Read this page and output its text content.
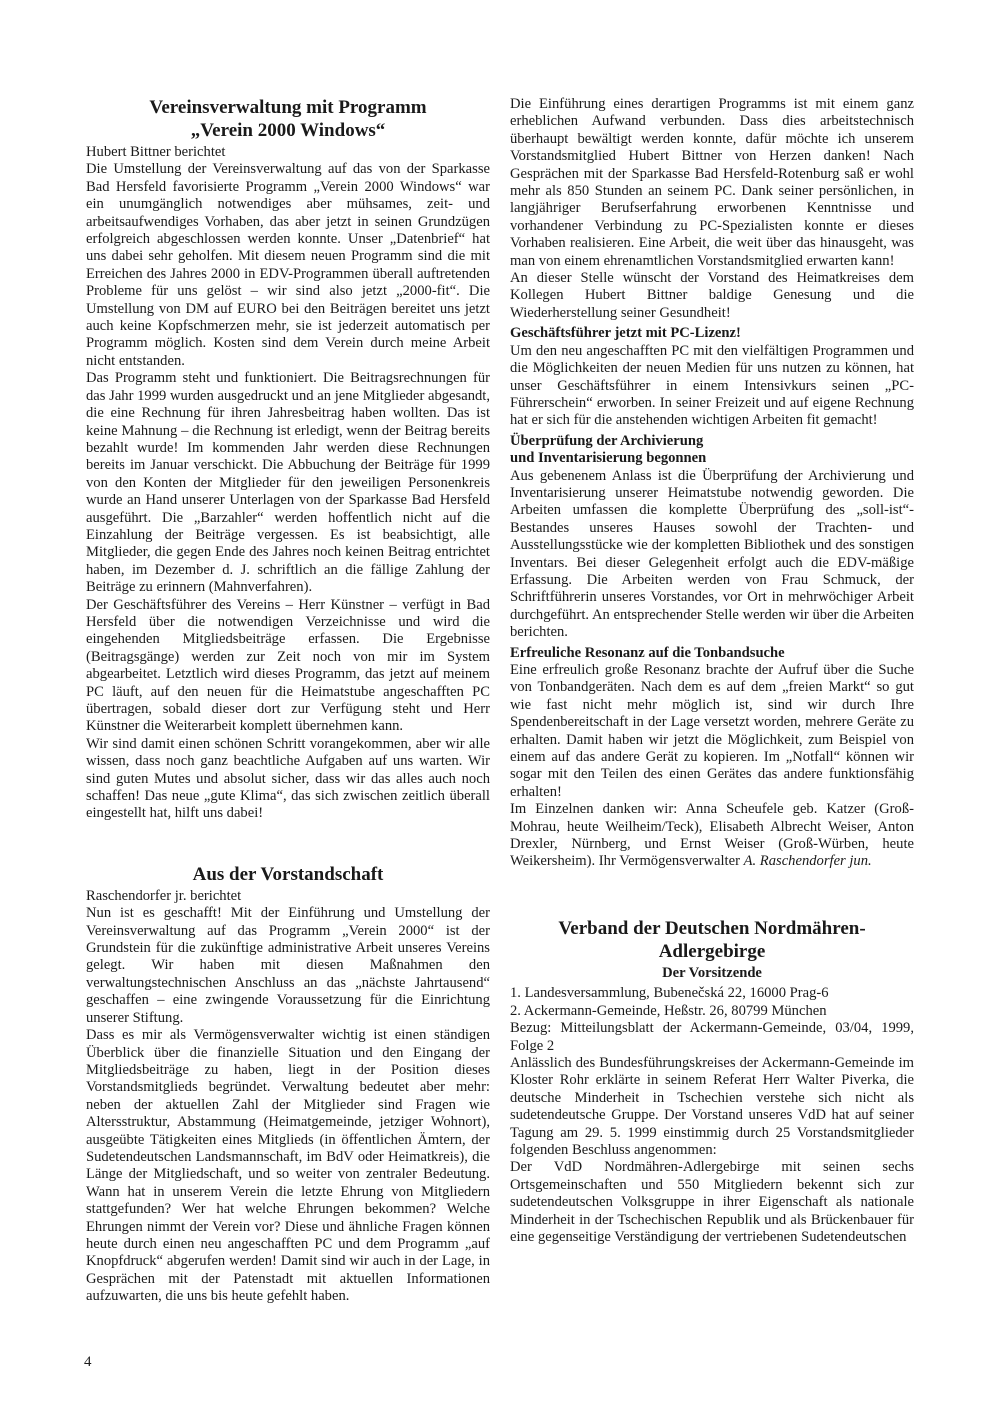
Vereinsverwaltung mit Programm
„Verein 2000 Windows“

Hubert Bittner berichtet

Die Umstellung der Vereinsverwaltung auf das von der Sparkasse Bad Hersfeld favorisierte Programm „Verein 2000 Windows“ war ein unumgänglich notwendiges aber mühsames, zeit- und arbeitsaufwendiges Vorhaben, das aber jetzt in seinen Grundzügen erfolgreich abgeschlossen werden konnte. Unser „Datenbrief“ hat uns dabei sehr geholfen. Mit diesem neuen Programm sind die mit Erreichen des Jahres 2000 in EDV-Programmen überall auftretenden Probleme für uns gelöst – wir sind also jetzt „2000-fit“. Die Umstellung von DM auf EURO bei den Beiträgen bereitet uns jetzt auch keine Kopfschmerzen mehr, sie ist jederzeit automatisch per Programm möglich. Kosten sind dem Verein durch meine Arbeit nicht entstanden.

Das Programm steht und funktioniert. Die Beitragsrechnungen für das Jahr 1999 wurden ausgedruckt und an jene Mitglieder abgesandt, die eine Rechnung für ihren Jahresbeitrag haben wollten. Das ist keine Mahnung – die Rechnung ist erledigt, wenn der Beitrag bereits bezahlt wurde! Im kommenden Jahr werden diese Rechnungen bereits im Januar verschickt. Die Abbuchung der Beiträge für 1999 von den Konten der Mitglieder für den jeweiligen Personenkreis wurde an Hand unserer Unterlagen von der Sparkasse Bad Hersfeld ausgeführt. Die „Barzahler“ werden hoffentlich nicht auf die Einzahlung der Beiträge vergessen. Es ist beabsichtigt, alle Mitglieder, die gegen Ende des Jahres noch keinen Beitrag entrichtet haben, im Dezember d. J. schriftlich an die fällige Zahlung der Beiträge zu erinnern (Mahnverfahren).

Der Geschäftsführer des Vereins – Herr Künstner – verfügt in Bad Hersfeld über die notwendigen Verzeichnisse und wird die eingehenden Mitgliedsbeiträge erfassen. Die Ergebnisse (Beitragsgänge) werden zur Zeit noch von mir im System abgearbeitet. Letztlich wird dieses Programm, das jetzt auf meinem PC läuft, auf den neuen für die Heimatstube angeschafften PC übertragen, sobald dieser dort zur Verfügung steht und Herr Künstner die Weiterarbeit komplett übernehmen kann.

Wir sind damit einen schönen Schritt vorangekommen, aber wir alle wissen, dass noch ganz beachtliche Aufgaben auf uns warten. Wir sind guten Mutes und absolut sicher, dass wir das alles auch noch schaffen! Das neue „gute Klima“, das sich zwischen zeitlich überall eingestellt hat, hilft uns dabei!

Aus der Vorstandschaft

Raschendorfer jr. berichtet

Nun ist es geschafft! Mit der Einführung und Umstellung der Vereinsverwaltung auf das Programm „Verein 2000“ ist der Grundstein für die zukünftige administrative Arbeit unseres Vereins gelegt. Wir haben mit diesen Maßnahmen den verwaltungstechnischen Anschluss an das „nächste Jahrtausend“ geschaffen – eine zwingende Voraussetzung für die Einrichtung unserer Stiftung.

Dass es mir als Vermögensverwalter wichtig ist einen ständigen Überblick über die finanzielle Situation und den Eingang der Mitgliedsbeiträge zu haben, liegt in der Position dieses Vorstandsmitglieds begründet. Verwaltung bedeutet aber mehr: neben der aktuellen Zahl der Mitglieder sind Fragen wie Altersstruktur, Abstammung (Heimatgemeinde, jetziger Wohnort), ausgeübte Tätigkeiten eines Mitglieds (in öffentlichen Ämtern, der Sudetendeutschen Landsmannschaft, im BdV oder Heimatkreis), die Länge der Mitgliedschaft, und so weiter von zentraler Bedeutung. Wann hat in unserem Verein die letzte Ehrung von Mitgliedern stattgefunden? Wer hat welche Ehrungen bekommen? Welche Ehrungen nimmt der Verein vor? Diese und ähnliche Fragen können heute durch einen neu angeschafften PC und dem Programm „auf Knopfdruck“ abgerufen werden! Damit sind wir auch in der Lage, in Gesprächen mit der Patenstadt mit aktuellen Informationen aufzuwarten, die uns bis heute gefehlt haben.

Die Einführung eines derartigen Programms ist mit einem ganz erheblichen Aufwand verbunden. Dass dies arbeitstechnisch überhaupt bewältigt werden konnte, dafür möchte ich unserem Vorstandsmitglied Hubert Bittner von Herzen danken! Nach Gesprächen mit der Sparkasse Bad Hersfeld-Rotenburg saß er wohl mehr als 850 Stunden an seinem PC. Dank seiner persönlichen, in langjähriger Berufserfahrung erworbenen Kenntnisse und vorhandener Verbindung zu PC-Spezialisten konnte er dieses Vorhaben realisieren. Eine Arbeit, die weit über das hinausgeht, was man von einem ehrenamtlichen Vorstandsmitglied erwarten kann!

An dieser Stelle wünscht der Vorstand des Heimatkreises dem Kollegen Hubert Bittner baldige Genesung und die Wiederherstellung seiner Gesundheit!

Geschäftsführer jetzt mit PC-Lizenz!

Um den neu angeschafften PC mit den vielfältigen Programmen und die Möglichkeiten der neuen Medien für uns nutzen zu können, hat unser Geschäftsführer in einem Intensivkurs seinen „PC-Führerschein“ erworben. In seiner Freizeit und auf eigene Rechnung hat er sich für die anstehenden wichtigen Arbeiten fit gemacht!

Überprüfung der Archivierung
und Inventarisierung begonnen

Aus gebenenem Anlass ist die Überprüfung der Archivierung und Inventarisierung unserer Heimatstube notwendig geworden. Die Arbeiten umfassen die komplette Überprüfung des „soll-ist“-Bestandes unseres Hauses sowohl der Trachten- und Ausstellungsstücke wie der kompletten Bibliothek und des sonstigen Inventars. Bei dieser Gelegenheit erfolgt auch die EDV-mäßige Erfassung. Die Arbeiten werden von Frau Schmuck, der Schriftführerin unseres Vorstandes, vor Ort in mehrwöchiger Arbeit durchgeführt. An entsprechender Stelle werden wir über die Arbeiten berichten.

Erfreuliche Resonanz auf die Tonbandsuche

Eine erfreulich große Resonanz brachte der Aufruf über die Suche von Tonbandgeräten. Nach dem es auf dem „freien Markt“ so gut wie fast nicht mehr möglich ist, sind wir durch Ihre Spendenbereitschaft in der Lage versetzt worden, mehrere Geräte zu erhalten. Damit haben wir jetzt die Möglichkeit, zum Beispiel von einem auf das andere Gerät zu kopieren. Im „Notfall“ können wir sogar mit den Teilen des einen Gerätes das andere funktionsfähig erhalten!

Im Einzelnen danken wir: Anna Scheufele geb. Katzer (Groß-Mohrau, heute Weilheim/Teck), Elisabeth Albrecht Weiser, Anton Drexler, Nürnberg, und Ernst Weiser (Groß-Würben, heute Weikersheim). Ihr Vermögensverwalter A. Raschendorfer jun.

Verband der Deutschen Nordmähren-Adlergebirge

Der Vorsitzende

1. Landesversammlung, Bubenečská 22, 16000 Prag-6

2. Ackermann-Gemeinde, Heßstr. 26, 80799 München

Bezug: Mitteilungsblatt der Ackermann-Gemeinde, 03/04, 1999, Folge 2

Anlässlich des Bundesführungskreises der Ackermann-Gemeinde im Kloster Rohr erklärte in seinem Referat Herr Walter Piverka, die deutsche Minderheit in Tschechien verstehe sich nicht als sudetendeutsche Gruppe. Der Vorstand unseres VdD hat auf seiner Tagung am 29. 5. 1999 einstimmig durch 25 Vorstandsmitglieder folgenden Beschluss angenommen:

Der VdD Nordmähren-Adlergebirge mit seinen sechs Ortsgemeinschaften und 550 Mitgliedern bekennt sich zur sudetendeutschen Volksgruppe in ihrer Eigenschaft als nationale Minderheit in der Tschechischen Republik und als Brückenbauer für eine gegenseitige Verständigung der vertriebenen Sudetendeutschen

4
